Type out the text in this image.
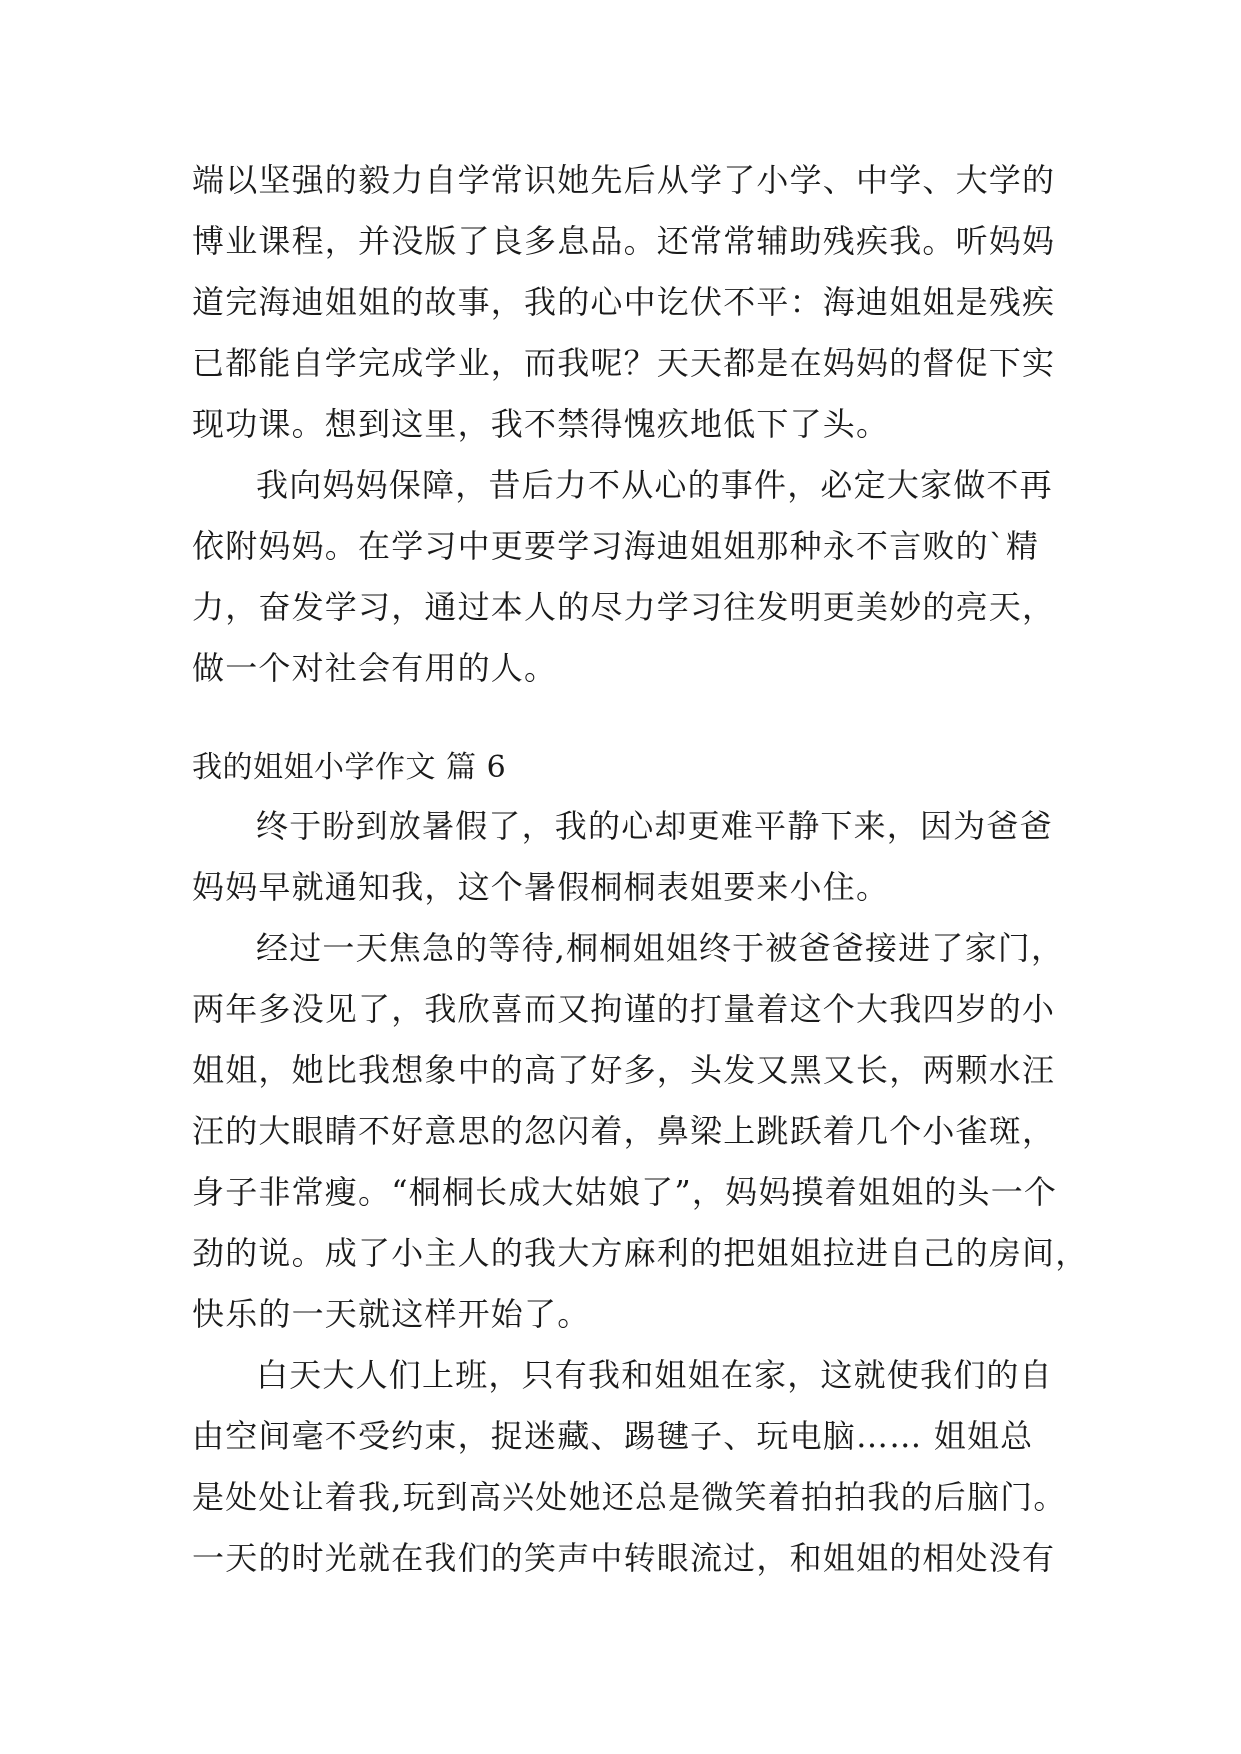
端以坚强的毅力自学常识她先后从学了小学、中学、大学的
博业课程，并没版了良多息品。还常常辅助残疾我。听妈妈
道完海迪姐姐的故事，我的心中讫伏不平：海迪姐姐是残疾
已都能自学完成学业，而我呢？天天都是在妈妈的督促下实
现功课。想到这里，我不禁得愧疚地低下了头。
我向妈妈保障，昔后力不从心的事件，必定大家做不再
依附妈妈。在学习中更要学习海迪姐姐那种永不言败的`精
力，奋发学习，通过本人的尽力学习往发明更美妙的亮天，
做一个对社会有用的人。
我的姐姐小学作文 篇 6
终于盼到放暑假了，我的心却更难平静下来，因为爸爸
妈妈早就通知我，这个暑假桐桐表姐要来小住。
经过一天焦急的等待,桐桐姐姐终于被爸爸接进了家门，
两年多没见了，我欣喜而又拘谨的打量着这个大我四岁的小
姐姐，她比我想象中的高了好多，头发又黑又长，两颗水汪
汪的大眼睛不好意思的忽闪着，鼻梁上跳跃着几个小雀斑，
身子非常瘦。“桐桐长成大姑娘了”，妈妈摸着姐姐的头一个
劲的说。成了小主人的我大方麻利的把姐姐拉进自己的房间，
快乐的一天就这样开始了。
白天大人们上班，只有我和姐姐在家，这就使我们的自
由空间毫不受约束，捉迷藏、踢毽子、玩电脑…… 姐姐总
是处处让着我,玩到高兴处她还总是微笑着拍拍我的后脑门。
一天的时光就在我们的笑声中转眼流过，和姐姐的相处没有
